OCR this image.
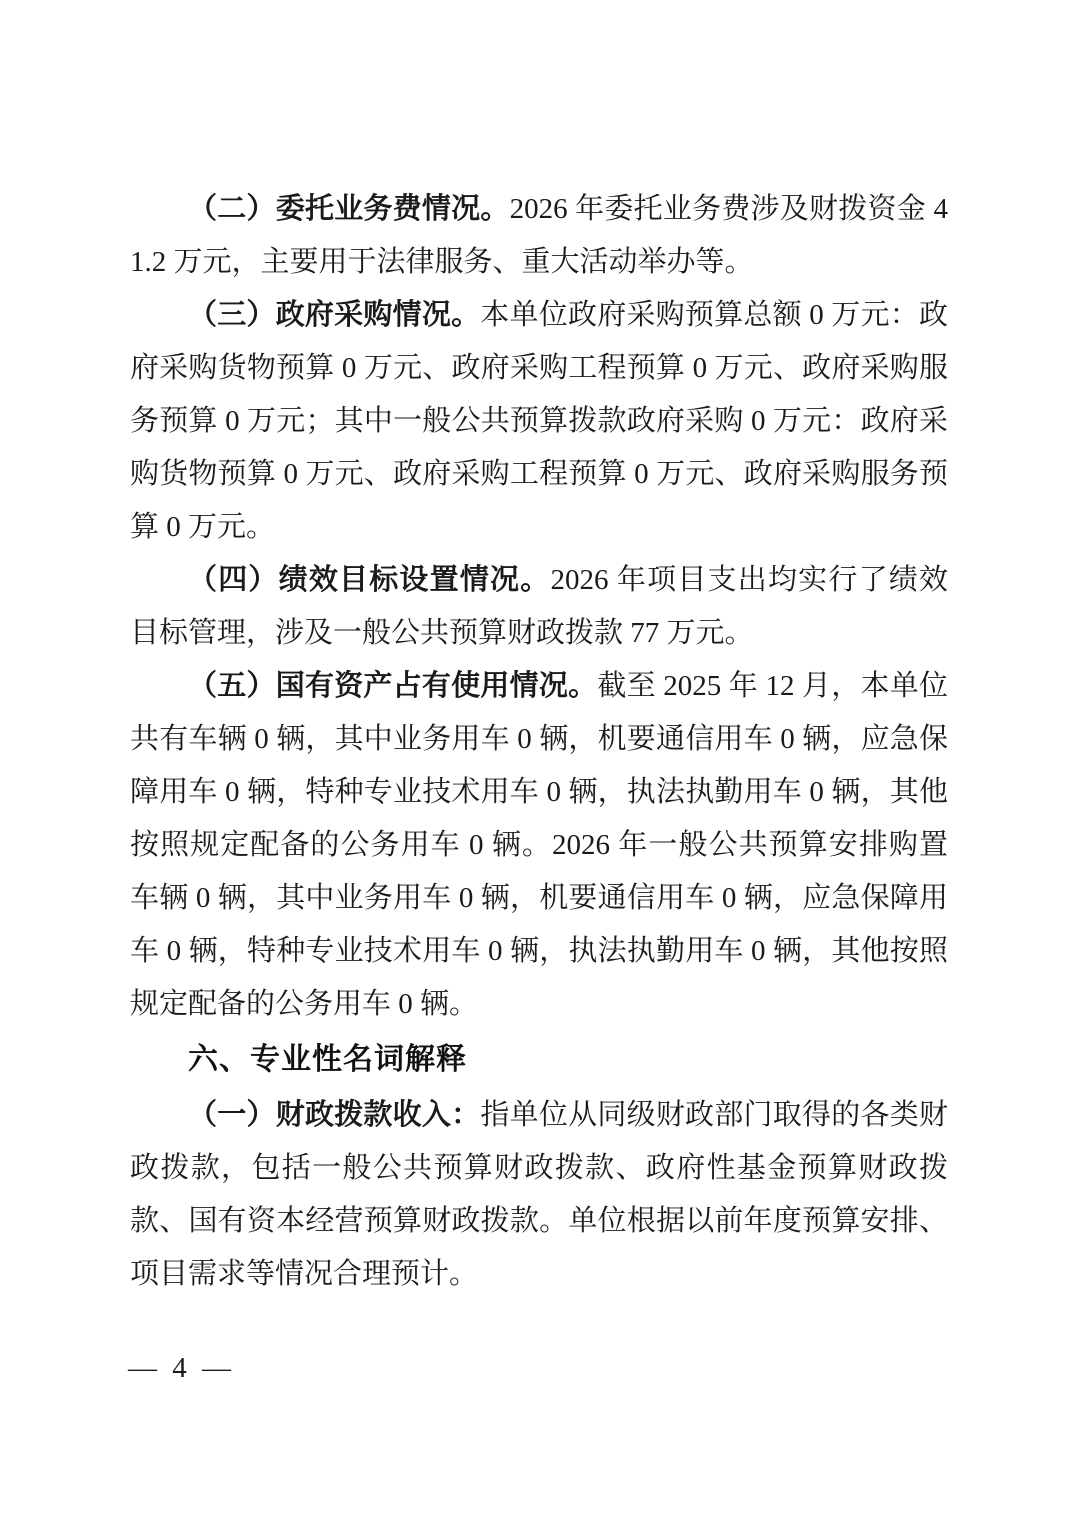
（二）委托业务费情况。2026 年委托业务费涉及财拨资金 41.2 万元，主要用于法律服务、重大活动举办等。

（三）政府采购情况。本单位政府采购预算总额 0 万元：政府采购货物预算 0 万元、政府采购工程预算 0 万元、政府采购服务预算 0 万元；其中一般公共预算拨款政府采购 0 万元：政府采购货物预算 0 万元、政府采购工程预算 0 万元、政府采购服务预算 0 万元。

（四）绩效目标设置情况。2026 年项目支出均实行了绩效目标管理，涉及一般公共预算财政拨款 77 万元。

（五）国有资产占有使用情况。截至 2025 年 12 月，本单位共有车辆 0 辆，其中业务用车 0 辆，机要通信用车 0 辆，应急保障用车 0 辆，特种专业技术用车 0 辆，执法执勤用车 0 辆，其他按照规定配备的公务用车 0 辆。2026 年一般公共预算安排购置车辆 0 辆，其中业务用车 0 辆，机要通信用车 0 辆，应急保障用车 0 辆，特种专业技术用车 0 辆，执法执勤用车 0 辆，其他按照规定配备的公务用车 0 辆。

六、专业性名词解释

（一）财政拨款收入：指单位从同级财政部门取得的各类财政拨款，包括一般公共预算财政拨款、政府性基金预算财政拨款、国有资本经营预算财政拨款。单位根据以前年度预算安排、项目需求等情况合理预计。

— 4 —
